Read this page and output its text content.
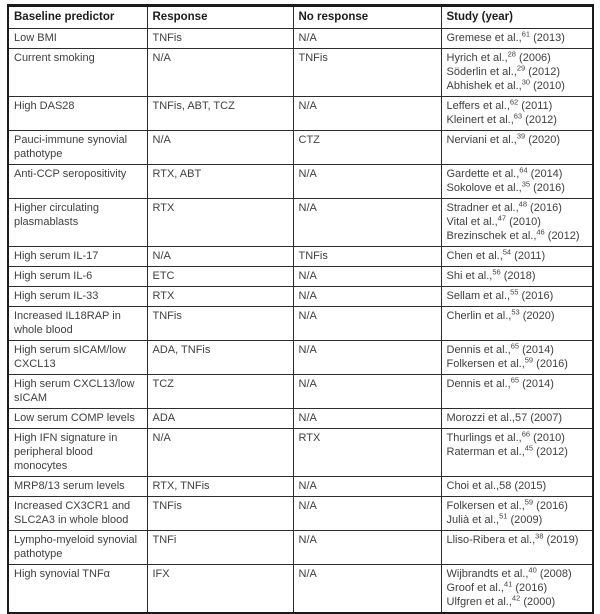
Baseline predictor	Response	No response	Study (year)
Low BMI	TNFis	N/A	Gremese et al.,$^{61}$ (2013)

Current smoking	N/A	TNFis	Hyrich et al.,$^{28}$ (2006)
Söderlin et al.,$^{29}$ (2012)
Abhishek et al.,$^{30}$ (2010)

High DAS28	TNFis, ABT, TCZ	N/A	Leffers et al.,$^{62}$ (2011)
Kleinert et al.,$^{63}$ (2012)

Pauci-immune synovial pathotype	N/A	CTZ	Nerviani et al.,$^{39}$ (2020)

Anti-CCP seropositivity	RTX, ABT	N/A	Gardette et al.,$^{64}$ (2014)
Sokolove et al.,$^{35}$ (2016)

Higher circulating plasmablasts	RTX	N/A	Stradner et al.,$^{48}$ (2016)
Vital et al.,$^{47}$ (2010)
Brezinschek et al.,$^{46}$ (2012)

High serum IL-17	N/A	TNFis	Chen et al.,$^{54}$ (2011)

High serum IL-6	ETC	N/A	Shi et al.,$^{56}$ (2018)

High serum IL-33	RTX	N/A	Sellam et al.,$^{55}$ (2016)

Increased IL18RAP in whole blood	TNFis	N/A	Cherlin et al.,$^{53}$ (2020)

High serum sICAM/low CXCL13	ADA, TNFis	N/A	Dennis et al.,$^{65}$ (2014)
Folkersen et al.,$^{59}$ (2016)

High serum CXCL13/low sICAM	TCZ	N/A	Dennis et al.,$^{65}$ (2014)

Low serum COMP levels	ADA	N/A	Morozzi et al.,57 (2007)

High IFN signature in peripheral blood monocytes	N/A	RTX	Thurlings et al.,$^{66}$ (2010)
Raterman et al.,$^{45}$ (2012)

MRP8/13 serum levels	RTX, TNFis	N/A	Choi et al.,58 (2015)

Increased CX3CR1 and SLC2A3 in whole blood	TNFis	N/A	Folkersen et al.,$^{59}$ (2016)
Julià et al.,$^{51}$ (2009)

Lympho-myeloid synovial pathotype	TNFi	N/A	Lliso-Ribera et al.,$^{38}$ (2019)

High synovial TNFα	IFX	N/A	Wijbrandts et al.,$^{40}$ (2008)
Groof et al.,$^{41}$ (2016)
Ulfgren et al.,$^{42}$ (2000)
